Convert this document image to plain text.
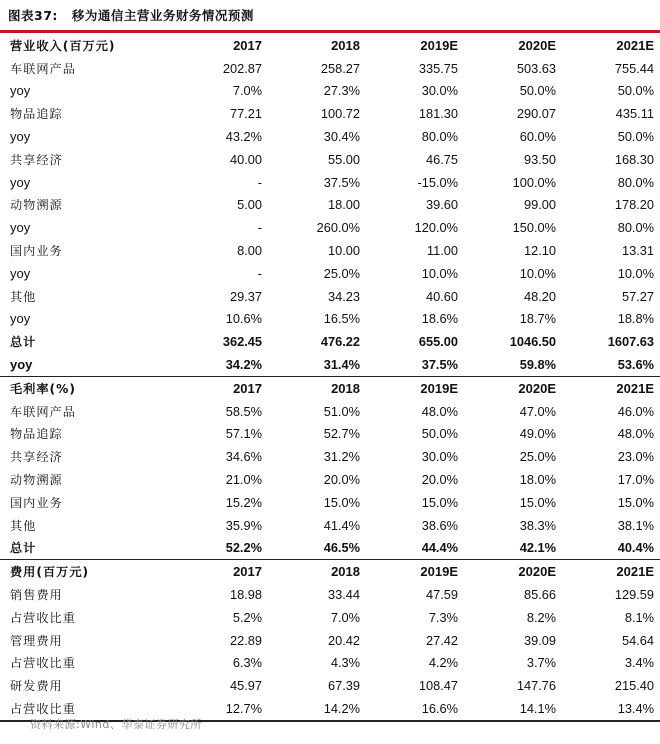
图表37: 移为通信主营业务财务情况预测
营业收入(百万元)	2017	2018	2019E	2020E	2021E
车联网产品	202.87	258.27	335.75	503.63	755.44
yoy	7.0%	27.3%	30.0%	50.0%	50.0%
物品追踪	77.21	100.72	181.30	290.07	435.11
yoy	43.2%	30.4%	80.0%	60.0%	50.0%
共享经济	40.00	55.00	46.75	93.50	168.30
yoy	-	37.5%	-15.0%	100.0%	80.0%
动物溯源	5.00	18.00	39.60	99.00	178.20
yoy	-	260.0%	120.0%	150.0%	80.0%
国内业务	8.00	10.00	11.00	12.10	13.31
yoy	-	25.0%	10.0%	10.0%	10.0%
其他	29.37	34.23	40.60	48.20	57.27
yoy	10.6%	16.5%	18.6%	18.7%	18.8%
总计	362.45	476.22	655.00	1046.50	1607.63
yoy	34.2%	31.4%	37.5%	59.8%	53.6%
毛利率(%)	2017	2018	2019E	2020E	2021E
车联网产品	58.5%	51.0%	48.0%	47.0%	46.0%
物品追踪	57.1%	52.7%	50.0%	49.0%	48.0%
共享经济	34.6%	31.2%	30.0%	25.0%	23.0%
动物溯源	21.0%	20.0%	20.0%	18.0%	17.0%
国内业务	15.2%	15.0%	15.0%	15.0%	15.0%
其他	35.9%	41.4%	38.6%	38.3%	38.1%
总计	52.2%	46.5%	44.4%	42.1%	40.4%
费用(百万元)	2017	2018	2019E	2020E	2021E
销售费用	18.98	33.44	47.59	85.66	129.59
占营收比重	5.2%	7.0%	7.3%	8.2%	8.1%
管理费用	22.89	20.42	27.42	39.09	54.64
占营收比重	6.3%	4.3%	4.2%	3.7%	3.4%
研发费用	45.97	67.39	108.47	147.76	215.40
占营收比重	12.7%	14.2%	16.6%	14.1%	13.4%
资料来源:Wind、华泰证券研究所
